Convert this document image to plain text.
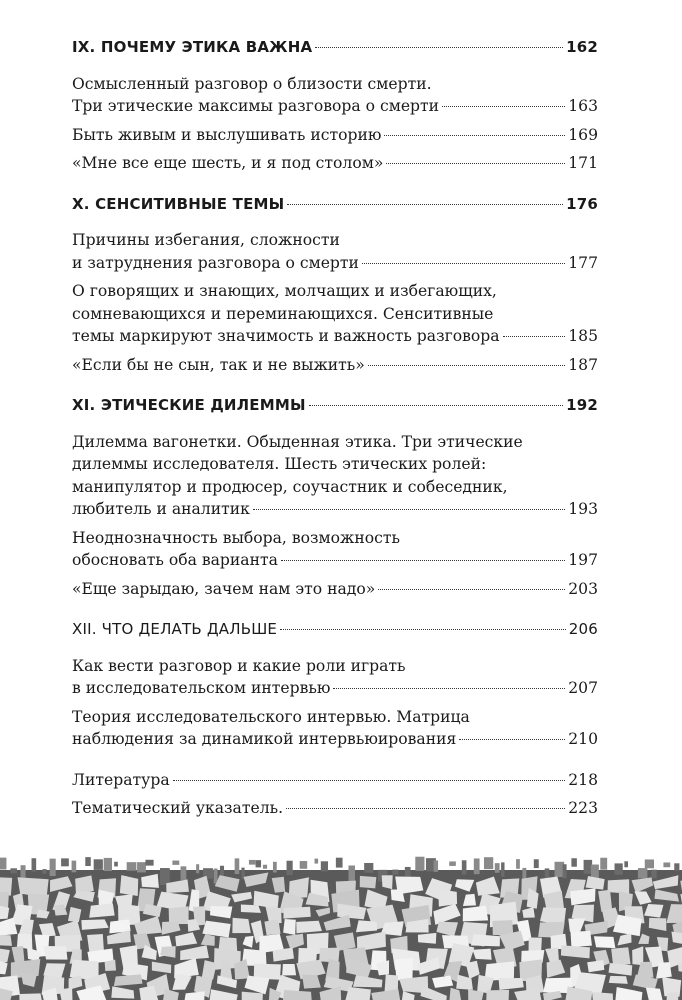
IX. ПОЧЕМУ ЭТИКА ВАЖНА	162
Осмысленный разговор о близости смерти.
Три этические максимы разговора о смерти	163
Быть живым и выслушивать историю	169
«Мне все еще шесть, и я под столом»	171
X. СЕНСИТИВНЫЕ ТЕМЫ	176
Причины избегания, сложности
и затруднения разговора о смерти	177
О говорящих и знающих, молчащих и избегающих,
сомневающихся и переминающихся. Сенситивные
темы маркируют значимость и важность разговора	185
«Если бы не сын, так и не выжить»	187
XI. ЭТИЧЕСКИЕ ДИЛЕММЫ	192
Дилемма вагонетки. Обыденная этика. Три этические
дилеммы исследователя. Шесть этических ролей:
манипулятор и продюсер, соучастник и собеседник,
любитель и аналитик	193
Неоднозначность выбора, возможность
обосновать оба варианта	197
«Еще зарыдаю, зачем нам это надо»	203
XII. ЧТО ДЕЛАТЬ ДАЛЬШЕ	206
Как вести разговор и какие роли играть
в исследовательском интервью	207
Теория исследовательского интервью. Матрица
наблюдения за динамикой интервьюирования	210
Литература	218
Тематический указатель.	223
